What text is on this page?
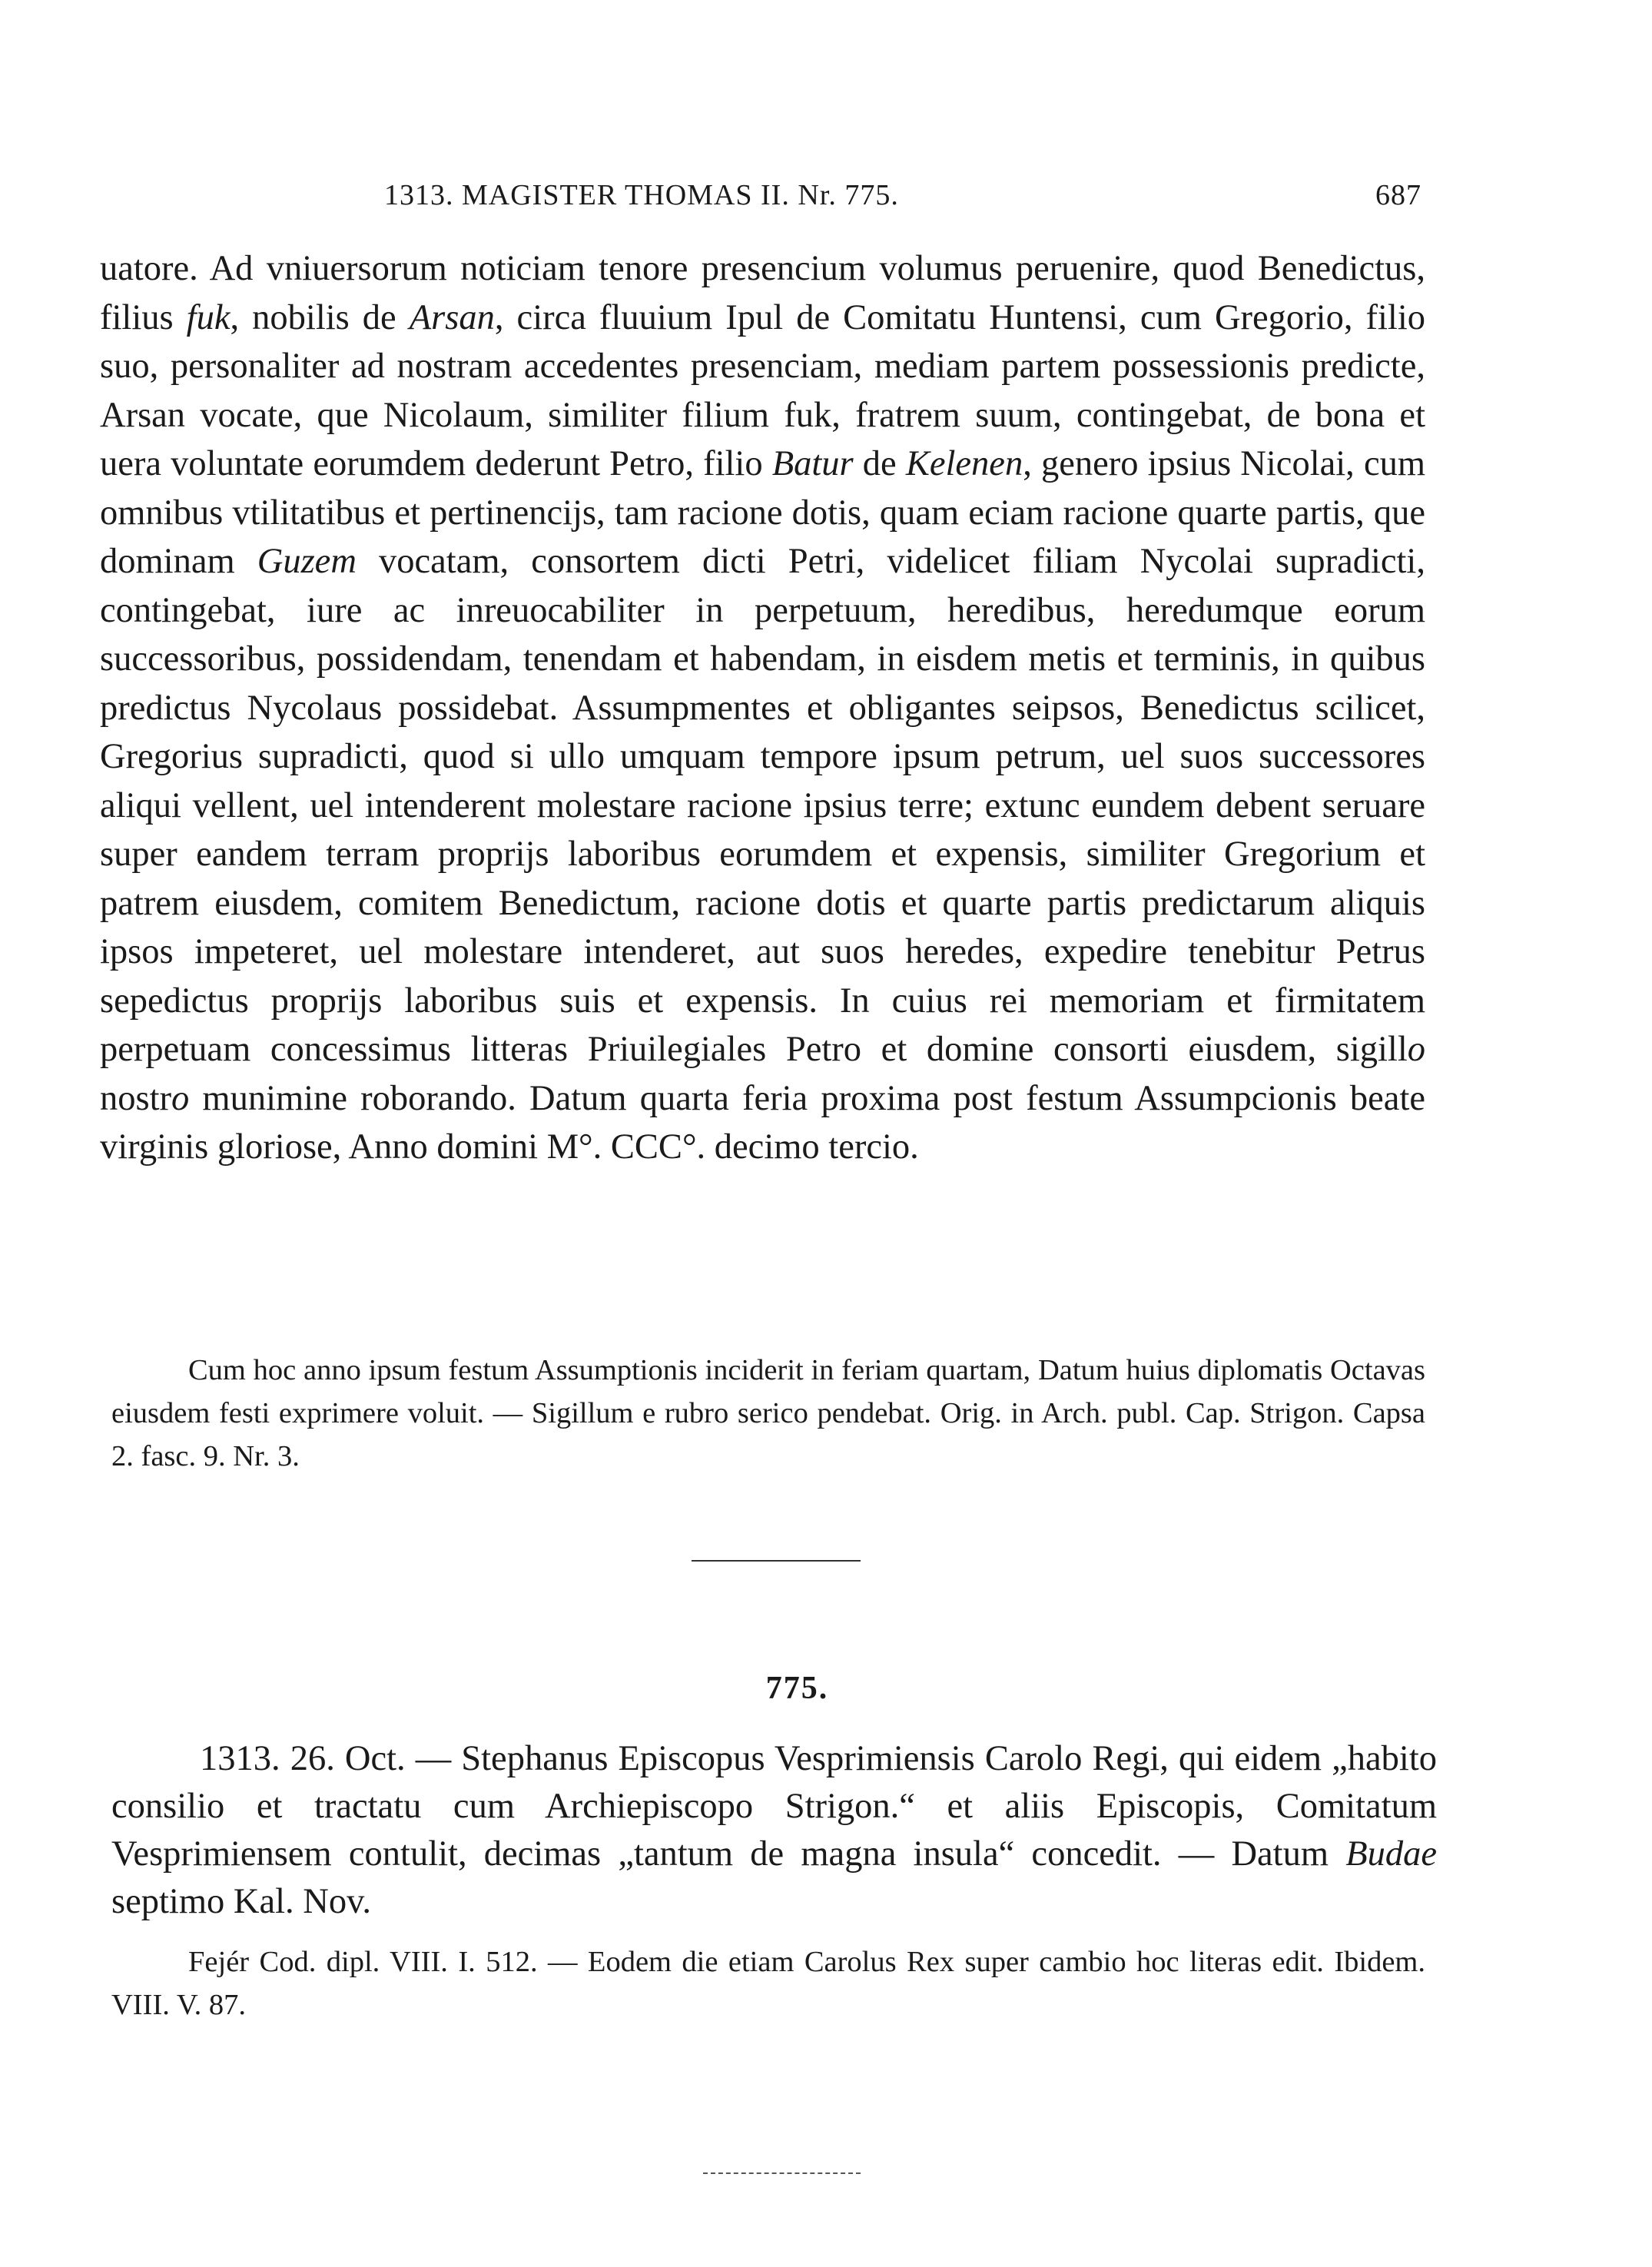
1313. MAGISTER THOMAS II. Nr. 775.	687

uatore. Ad vniuersorum noticiam tenore presencium volumus peruenire, quod Benedictus, filius fuk, nobilis de Arsan, circa fluuium Ipul de Comitatu Huntensi, cum Gregorio, filio suo, personaliter ad nostram accedentes presenciam, mediam partem possessionis predicte, Arsan vocate, que Nicolaum, similiter filium fuk, fratrem suum, contingebat, de bona et uera voluntate eorumdem dederunt Petro, filio Batur de Kelenen, genero ipsius Nicolai, cum omnibus vtilitatibus et pertinencijs, tam racione dotis, quam eciam racione quarte partis, que dominam Guzem vocatam, consortem dicti Petri, videlicet filiam Nycolai supradicti, contingebat, iure ac inreuocabiliter in perpetuum, heredibus, heredumque eorum successoribus, possidendam, tenendam et habendam, in eisdem metis et terminis, in quibus predictus Nycolaus possidebat. Assumpmentes et obligantes seipsos, Benedictus scilicet, Gregorius supradicti, quod si ullo umquam tempore ipsum petrum, uel suos successores aliqui vellent, uel intenderent molestare racione ipsius terre; extunc eundem debent seruare super eandem terram proprijs laboribus eorumdem et expensis, similiter Gregorium et patrem eiusdem, comitem Benedictum, racione dotis et quarte partis predictarum aliquis ipsos impeteret, uel molestare intenderet, aut suos heredes, expedire tenebitur Petrus sepedictus proprijs laboribus suis et expensis. In cuius rei memoriam et firmitatem perpetuam concessimus litteras Priuilegiales Petro et domine consorti eiusdem, sigillo nostro munimine roborando. Datum quarta feria proxima post festum Assumpcionis beate virginis gloriose, Anno domini M°. CCC°. decimo tercio.

Cum hoc anno ipsum festum Assumptionis inciderit in feriam quartam, Datum huius diplomatis Octavas eiusdem festi exprimere voluit. — Sigillum e rubro serico pendebat. Orig. in Arch. publ. Cap. Strigon. Capsa 2. fasc. 9. Nr. 3.

775.

1313. 26. Oct. — Stephanus Episcopus Vesprimiensis Carolo Regi, qui eidem „habito consilio et tractatu cum Archiepiscopo Strigon.“ et aliis Episcopis, Comitatum Vesprimiensem contulit, decimas „tantum de magna insula“ concedit. — Datum Budae septimo Kal. Nov.

Fejér Cod. dipl. VIII. I. 512. — Eodem die etiam Carolus Rex super cambio hoc literas edit. Ibidem. VIII. V. 87.
